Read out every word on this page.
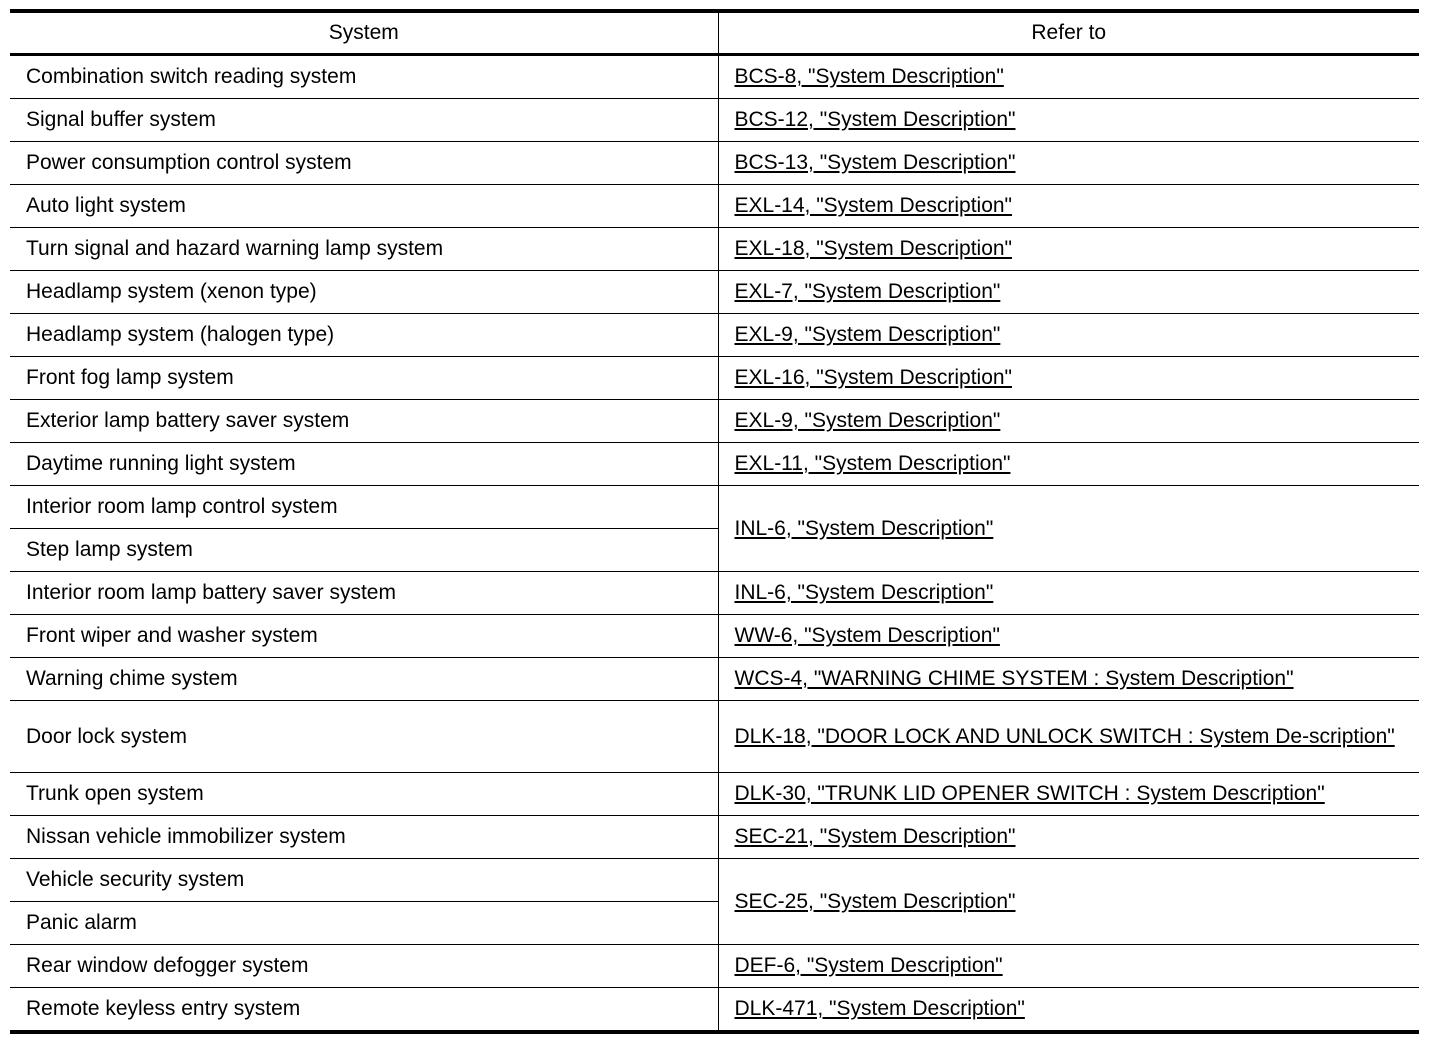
System	Refer to
Combination switch reading system	BCS-8, "System Description"
Signal buffer system	BCS-12, "System Description"
Power consumption control system	BCS-13, "System Description"
Auto light system	EXL-14, "System Description"
Turn signal and hazard warning lamp system	EXL-18, "System Description"
Headlamp system (xenon type)	EXL-7, "System Description"
Headlamp system (halogen type)	EXL-9, "System Description"
Front fog lamp system	EXL-16, "System Description"
Exterior lamp battery saver system	EXL-9, "System Description"
Daytime running light system	EXL-11, "System Description"
Interior room lamp control system	INL-6, "System Description"
Step lamp system	
Interior room lamp battery saver system	INL-6, "System Description"
Front wiper and washer system	WW-6, "System Description"
Warning chime system	WCS-4, "WARNING CHIME SYSTEM : System Description"
Door lock system	DLK-18, "DOOR LOCK AND UNLOCK SWITCH : System De-scription"
Trunk open system	DLK-30, "TRUNK LID OPENER SWITCH : System Description"
Nissan vehicle immobilizer system	SEC-21, "System Description"
Vehicle security system	SEC-25, "System Description"
Panic alarm	
Rear window defogger system	DEF-6, "System Description"
Remote keyless entry system	DLK-471, "System Description"
